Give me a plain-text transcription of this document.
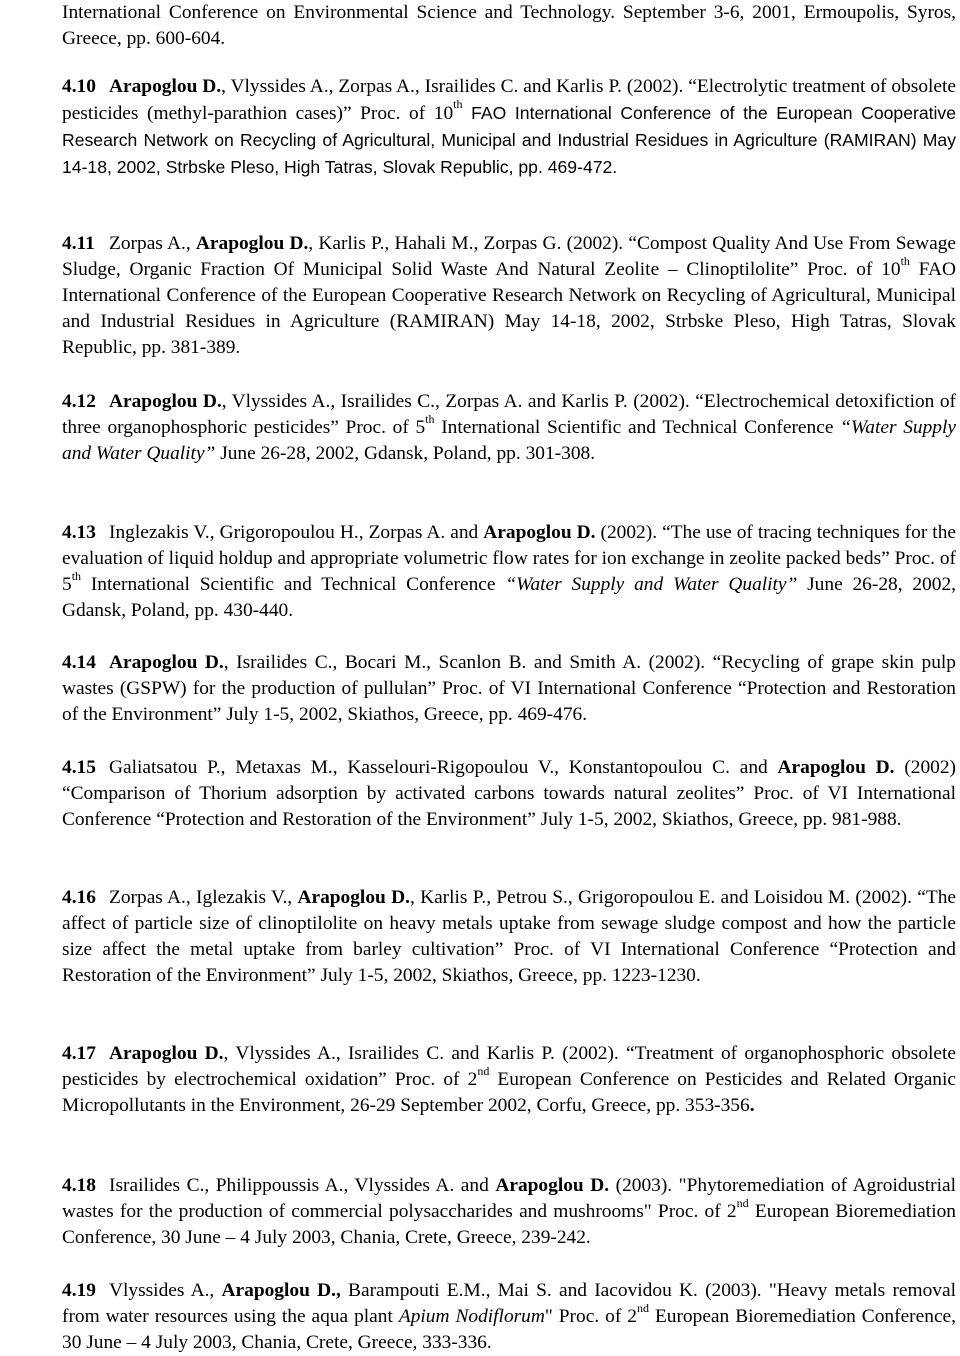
International Conference on Environmental Science and Technology. September 3-6, 2001, Ermoupolis, Syros, Greece, pp. 600-604.

4.10 Arapoglou D., Vlyssides A., Zorpas A., Israilides C. and Karlis P. (2002). “Electrolytic treatment of obsolete pesticides (methyl-parathion cases)” Proc. of 10th FAO International Conference of the European Cooperative Research Network on Recycling of Agricultural, Municipal and Industrial Residues in Agriculture (RAMIRAN) May 14-18, 2002, Strbske Pleso, High Tatras, Slovak Republic, pp. 469-472.

4.11 Zorpas A., Arapoglou D., Karlis P., Hahali M., Zorpas G. (2002). “Compost Quality And Use From Sewage Sludge, Organic Fraction Of Municipal Solid Waste And Natural Zeolite – Clinoptilolite” Proc. of 10th FAO International Conference of the European Cooperative Research Network on Recycling of Agricultural, Municipal and Industrial Residues in Agriculture (RAMIRAN) May 14-18, 2002, Strbske Pleso, High Tatras, Slovak Republic, pp. 381-389.

4.12 Arapoglou D., Vlyssides A., Israilides C., Zorpas A. and Karlis P. (2002). “Electrochemical detoxifiction of three organophosphoric pesticides” Proc. of 5th International Scientific and Technical Conference “Water Supply and Water Quality” June 26-28, 2002, Gdansk, Poland, pp. 301-308.

4.13 Inglezakis V., Grigoropoulou H., Zorpas A. and Arapoglou D. (2002). “The use of tracing techniques for the evaluation of liquid holdup and appropriate volumetric flow rates for ion exchange in zeolite packed beds” Proc. of 5th International Scientific and Technical Conference “Water Supply and Water Quality” June 26-28, 2002, Gdansk, Poland, pp. 430-440.

4.14 Arapoglou D., Israilides C., Bocari M., Scanlon B. and Smith A. (2002). “Recycling of grape skin pulp wastes (GSPW) for the production of pullulan” Proc. of VI International Conference “Protection and Restoration of the Environment” July 1-5, 2002, Skiathos, Greece, pp. 469-476.

4.15 Galiatsatou P., Metaxas M., Kasselouri-Rigopoulou V., Konstantopoulou C. and Arapoglou D. (2002) “Comparison of Thorium adsorption by activated carbons towards natural zeolites” Proc. of VI International Conference “Protection and Restoration of the Environment” July 1-5, 2002, Skiathos, Greece, pp. 981-988.

4.16 Zorpas A., Iglezakis V., Arapoglou D., Karlis P., Petrou S., Grigoropoulou E. and Loisidou M. (2002). “The affect of particle size of clinoptilolite on heavy metals uptake from sewage sludge compost and how the particle size affect the metal uptake from barley cultivation” Proc. of VI International Conference “Protection and Restoration of the Environment” July 1-5, 2002, Skiathos, Greece, pp. 1223-1230.

4.17 Arapoglou D., Vlyssides A., Israilides C. and Karlis P. (2002). “Treatment of organophosphoric obsolete pesticides by electrochemical oxidation” Proc. of 2nd European Conference on Pesticides and Related Organic Micropollutants in the Environment, 26-29 September 2002, Corfu, Greece, pp. 353-356.

4.18 Israilides C., Philippoussis A., Vlyssides A. and Arapoglou D. (2003). "Phytoremediation of Agroidustrial wastes for the production of commercial polysaccharides and mushrooms" Proc. of 2nd European Bioremediation Conference, 30 June – 4 July 2003, Chania, Crete, Greece, 239-242.

4.19 Vlyssides A., Arapoglou D., Barampouti E.M., Mai S. and Iacovidou K. (2003). "Heavy metals removal from water resources using the aqua plant Apium Nodiflorum" Proc. of 2nd European Bioremediation Conference, 30 June – 4 July 2003, Chania, Crete, Greece, 333-336.
